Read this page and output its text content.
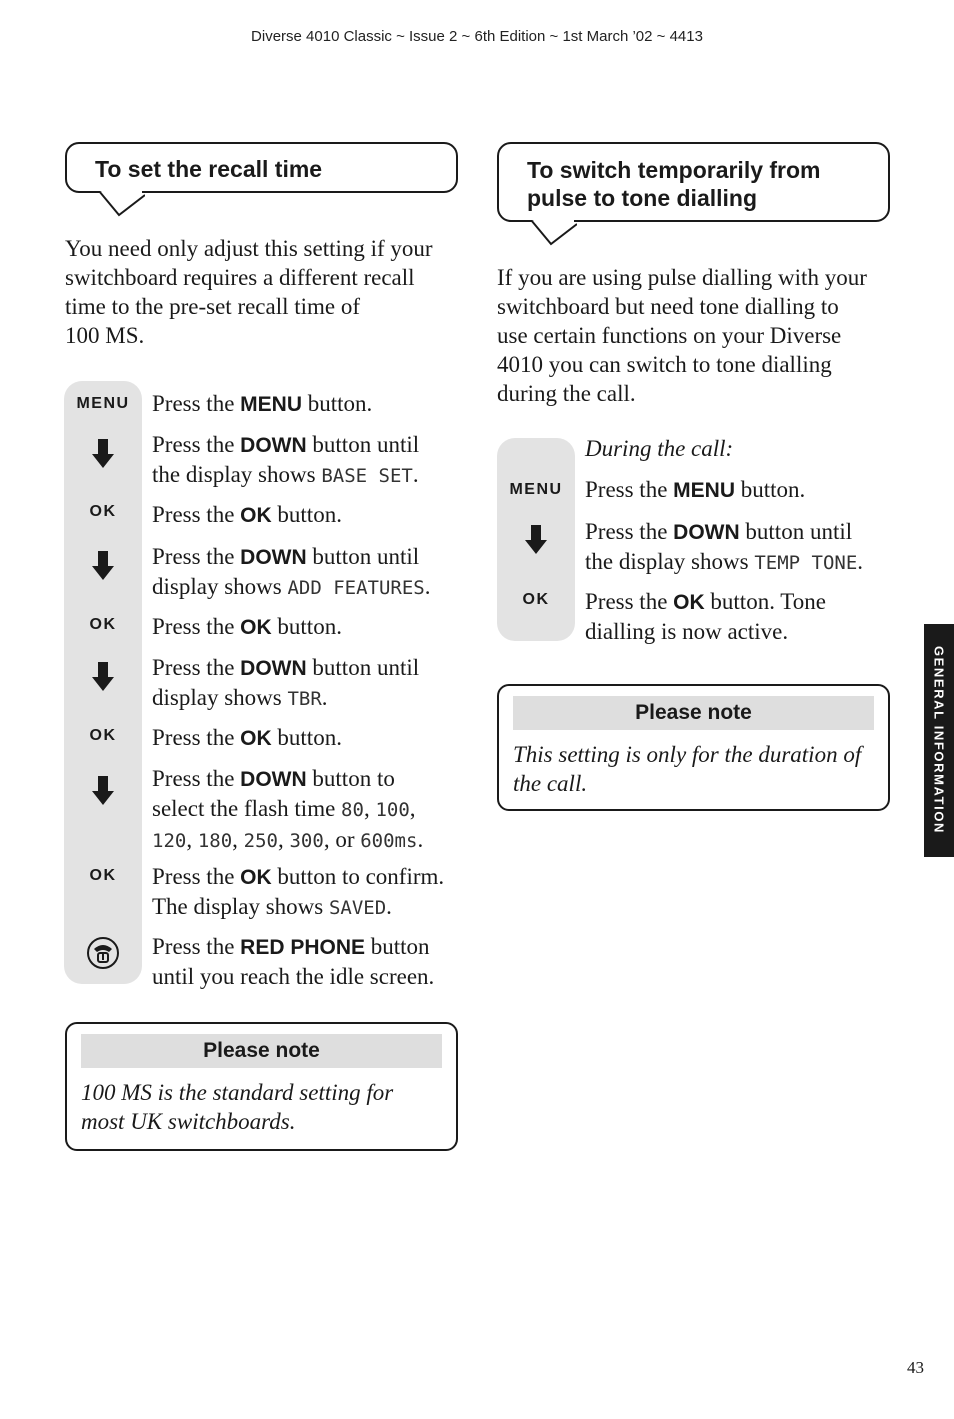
Diverse 4010 Classic ~ Issue 2 ~ 6th Edition ~ 1st March ’02 ~ 4413
To set the recall time
You need only adjust this setting if your
switchboard requires a different recall
time to the pre-set recall time of
100 MS.
MENU Press the MENU button.
Press the DOWN button until
the display shows BASE SET.
OK	Press the OK button.
Press the DOWN button until
display shows ADD FEATURES.
OK	Press the OK button.
Press the DOWN button until
display shows TBR.
OK	Press the OK button.
Press the DOWN button to
select the flash time 80, 100,
120, 180, 250, 300, or 600ms.
OK	Press the OK button to confirm.
The display shows SAVED.
Press the RED PHONE button
until you reach the idle screen.
Please note
100 MS is the standard setting for
most UK switchboards.
To switch temporarily from
pulse to tone dialling
If you are using pulse dialling with your
switchboard but need tone dialling to
use certain functions on your Diverse
4010 you can switch to tone dialling
during the call.
During the call:
MENU Press the MENU button.
Press the DOWN button until
the display shows TEMP TONE.
OK	Press the OK button. Tone
dialling is now active.
Please note
This setting is only for the duration of
the call.	GENERAL INFORMATION
43
